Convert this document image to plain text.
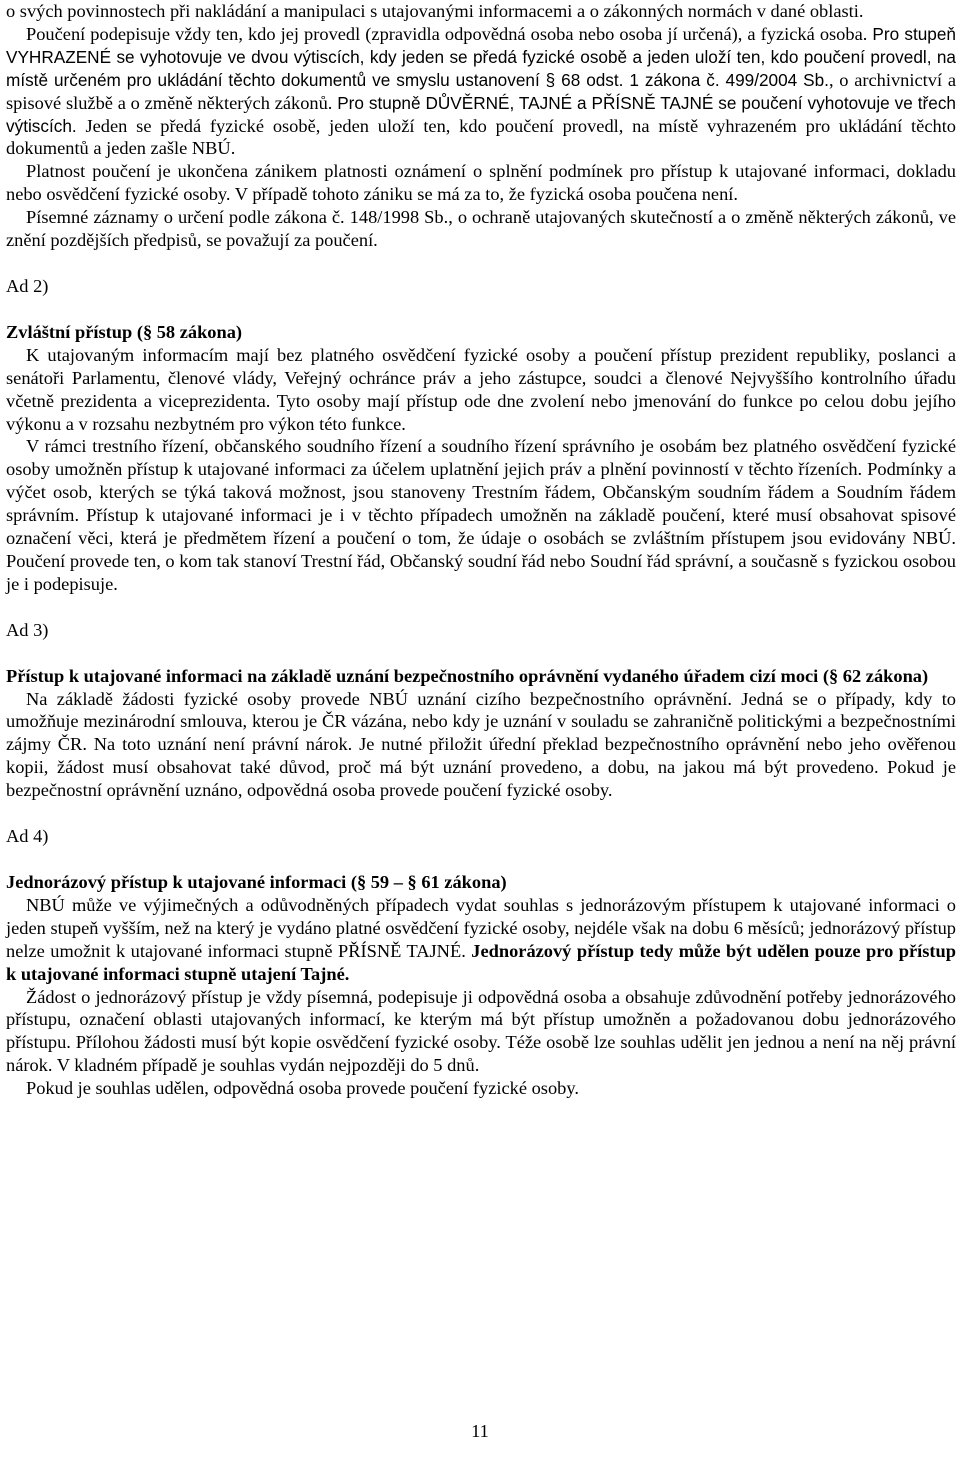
o svých povinnostech při nakládání a manipulaci s utajovanými informacemi a o zákonných normách v dané oblasti.

Poučení podepisuje vždy ten, kdo jej provedl (zpravidla odpovědná osoba nebo osoba jí určená), a fyzická osoba. Pro stupeň VYHRAZENÉ se vyhotovuje ve dvou výtiscích, kdy jeden se předá fyzické osobě a jeden uloží ten, kdo poučení provedl, na místě určeném pro ukládání těchto dokumentů ve smyslu ustanovení § 68 odst. 1 zákona č. 499/2004 Sb., o archivnictví a spisové službě a o změně některých zákonů. Pro stupně DŮVĚRNÉ, TAJNÉ a PŘÍSNĚ TAJNÉ se poučení vyhotovuje ve třech výtiscích. Jeden se předá fyzické osobě, jeden uloží ten, kdo poučení provedl, na místě vyhrazeném pro ukládání těchto dokumentů a jeden zašle NBÚ.

Platnost poučení je ukončena zánikem platnosti oznámení o splnění podmínek pro přístup k utajované informaci, dokladu nebo osvědčení fyzické osoby. V případě tohoto zániku se má za to, že fyzická osoba poučena není.

Písemné záznamy o určení podle zákona č. 148/1998 Sb., o ochraně utajovaných skutečností a o změně některých zákonů, ve znění pozdějších předpisů, se považují za poučení.

Ad 2)

Zvláštní přístup (§ 58 zákona)

K utajovaným informacím mají bez platného osvědčení fyzické osoby a poučení přístup prezident republiky, poslanci a senátoři Parlamentu, členové vlády, Veřejný ochránce práv a jeho zástupce, soudci a členové Nejvyššího kontrolního úřadu včetně prezidenta a viceprezidenta. Tyto osoby mají přístup ode dne zvolení nebo jmenování do funkce po celou dobu jejího výkonu a v rozsahu nezbytném pro výkon této funkce.

V rámci trestního řízení, občanského soudního řízení a soudního řízení správního je osobám bez platného osvědčení fyzické osoby umožněn přístup k utajované informaci za účelem uplatnění jejich práv a plnění povinností v těchto řízeních. Podmínky a výčet osob, kterých se týká taková možnost, jsou stanoveny Trestním řádem, Občanským soudním řádem a Soudním řádem správním. Přístup k utajované informaci je i v těchto případech umožněn na základě poučení, které musí obsahovat spisové označení věci, která je předmětem řízení a poučení o tom, že údaje o osobách se zvláštním přístupem jsou evidovány NBÚ. Poučení provede ten, o kom tak stanoví Trestní řád, Občanský soudní řád nebo Soudní řád správní, a současně s fyzickou osobou je i podepisuje.

Ad 3)

Přístup k utajované informaci na základě uznání bezpečnostního oprávnění vydaného úřadem cizí moci (§ 62 zákona)

Na základě žádosti fyzické osoby provede NBÚ uznání cizího bezpečnostního oprávnění. Jedná se o případy, kdy to umožňuje mezinárodní smlouva, kterou je ČR vázána, nebo kdy je uznání v souladu se zahraničně politickými a bezpečnostními zájmy ČR. Na toto uznání není právní nárok. Je nutné přiložit úřední překlad bezpečnostního oprávnění nebo jeho ověřenou kopii, žádost musí obsahovat také důvod, proč má být uznání provedeno, a dobu, na jakou má být provedeno. Pokud je bezpečnostní oprávnění uznáno, odpovědná osoba provede poučení fyzické osoby.

Ad 4)

Jednorázový přístup k utajované informaci (§ 59 – § 61 zákona)

NBÚ může ve výjimečných a odůvodněných případech vydat souhlas s jednorázovým přístupem k utajované informaci o jeden stupeň vyšším, než na který je vydáno platné osvědčení fyzické osoby, nejdéle však na dobu 6 měsíců; jednorázový přístup nelze umožnit k utajované informaci stupně PŘÍSNĚ TAJNÉ. Jednorázový přístup tedy může být udělen pouze pro přístup k utajované informaci stupně utajení Tajné.

Žádost o jednorázový přístup je vždy písemná, podepisuje ji odpovědná osoba a obsahuje zdůvodnění potřeby jednorázového přístupu, označení oblasti utajovaných informací, ke kterým má být přístup umožněn a požadovanou dobu jednorázového přístupu. Přílohou žádosti musí být kopie osvědčení fyzické osoby. Téže osobě lze souhlas udělit jen jednou a není na něj právní nárok. V kladném případě je souhlas vydán nejpozději do 5 dnů.

Pokud je souhlas udělen, odpovědná osoba provede poučení fyzické osoby.

11
